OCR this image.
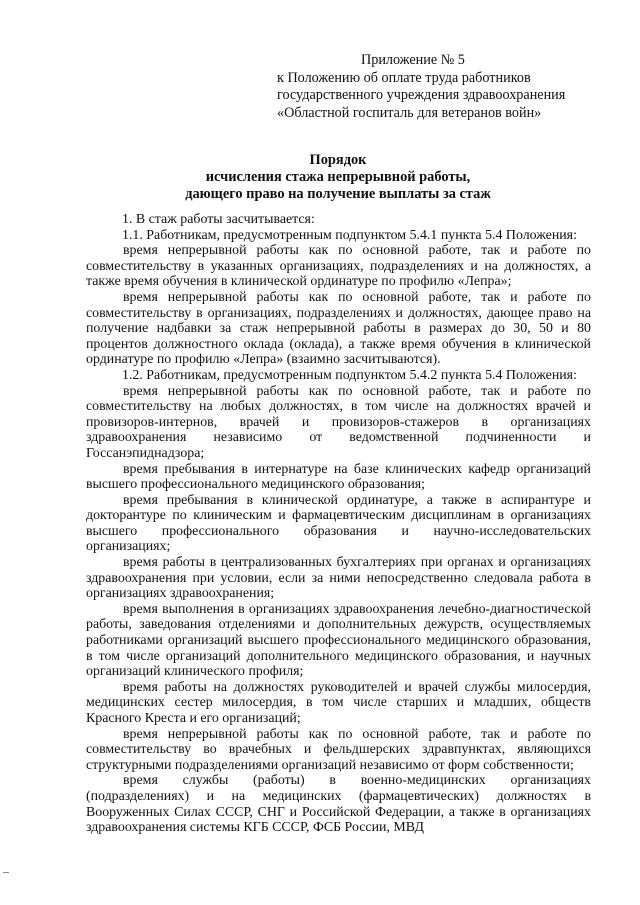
Приложение № 5
к Положению об оплате труда работников
государственного учреждения здравоохранения
«Областной госпиталь для ветеранов войн»
Порядок
исчисления стажа непрерывной работы,
дающего право на получение выплаты за стаж

1. В стаж работы засчитывается:

1.1. Работникам, предусмотренным подпунктом 5.4.1 пункта 5.4 Положения:

время непрерывной работы как по основной работе, так и работе по совместительству в указанных организациях, подразделениях и на должностях, а также время обучения в клинической ординатуре по профилю «Лепра»;

время непрерывной работы как по основной работе, так и работе по совместительству в организациях, подразделениях и должностях, дающее право на получение надбавки за стаж непрерывной работы в размерах до 30, 50 и 80 процентов должностного оклада (оклада), а также время обучения в клинической ординатуре по профилю «Лепра» (взаимно засчитываются).

1.2. Работникам, предусмотренным подпунктом 5.4.2 пункта 5.4 Положения:

время непрерывной работы как по основной работе, так и работе по совместительству на любых должностях, в том числе на должностях врачей и провизоров-интернов, врачей и провизоров-стажеров в организациях здравоохранения независимо от ведомственной подчиненности и Госсанэпиднадзора;

время пребывания в интернатуре на базе клинических кафедр организаций высшего профессионального медицинского образования;

время пребывания в клинической ординатуре, а также в аспирантуре и докторантуре по клиническим и фармацевтическим дисциплинам в организациях высшего профессионального образования и научно-исследовательских организациях;

время работы в централизованных бухгалтериях при органах и организациях здравоохранения при условии, если за ними непосредственно следовала работа в организациях здравоохранения;

время выполнения в организациях здравоохранения лечебно-диагностической работы, заведования отделениями и дополнительных дежурств, осуществляемых работниками организаций высшего профессионального медицинского образования, в том числе организаций дополнительного медицинского образования, и научных организаций клинического профиля;

время работы на должностях руководителей и врачей службы милосердия, медицинских сестер милосердия, в том числе старших и младших, обществ Красного Креста и его организаций;

время непрерывной работы как по основной работе, так и работе по совместительству во врачебных и фельдшерских здравпунктах, являющихся структурными подразделениями организаций независимо от форм собственности;

время службы (работы) в военно-медицинских организациях (подразделениях) и на медицинских (фармацевтических) должностях в Вооруженных Силах СССР, СНГ и Российской Федерации, а также в организациях здравоохранения системы КГБ СССР, ФСБ России, МВД
